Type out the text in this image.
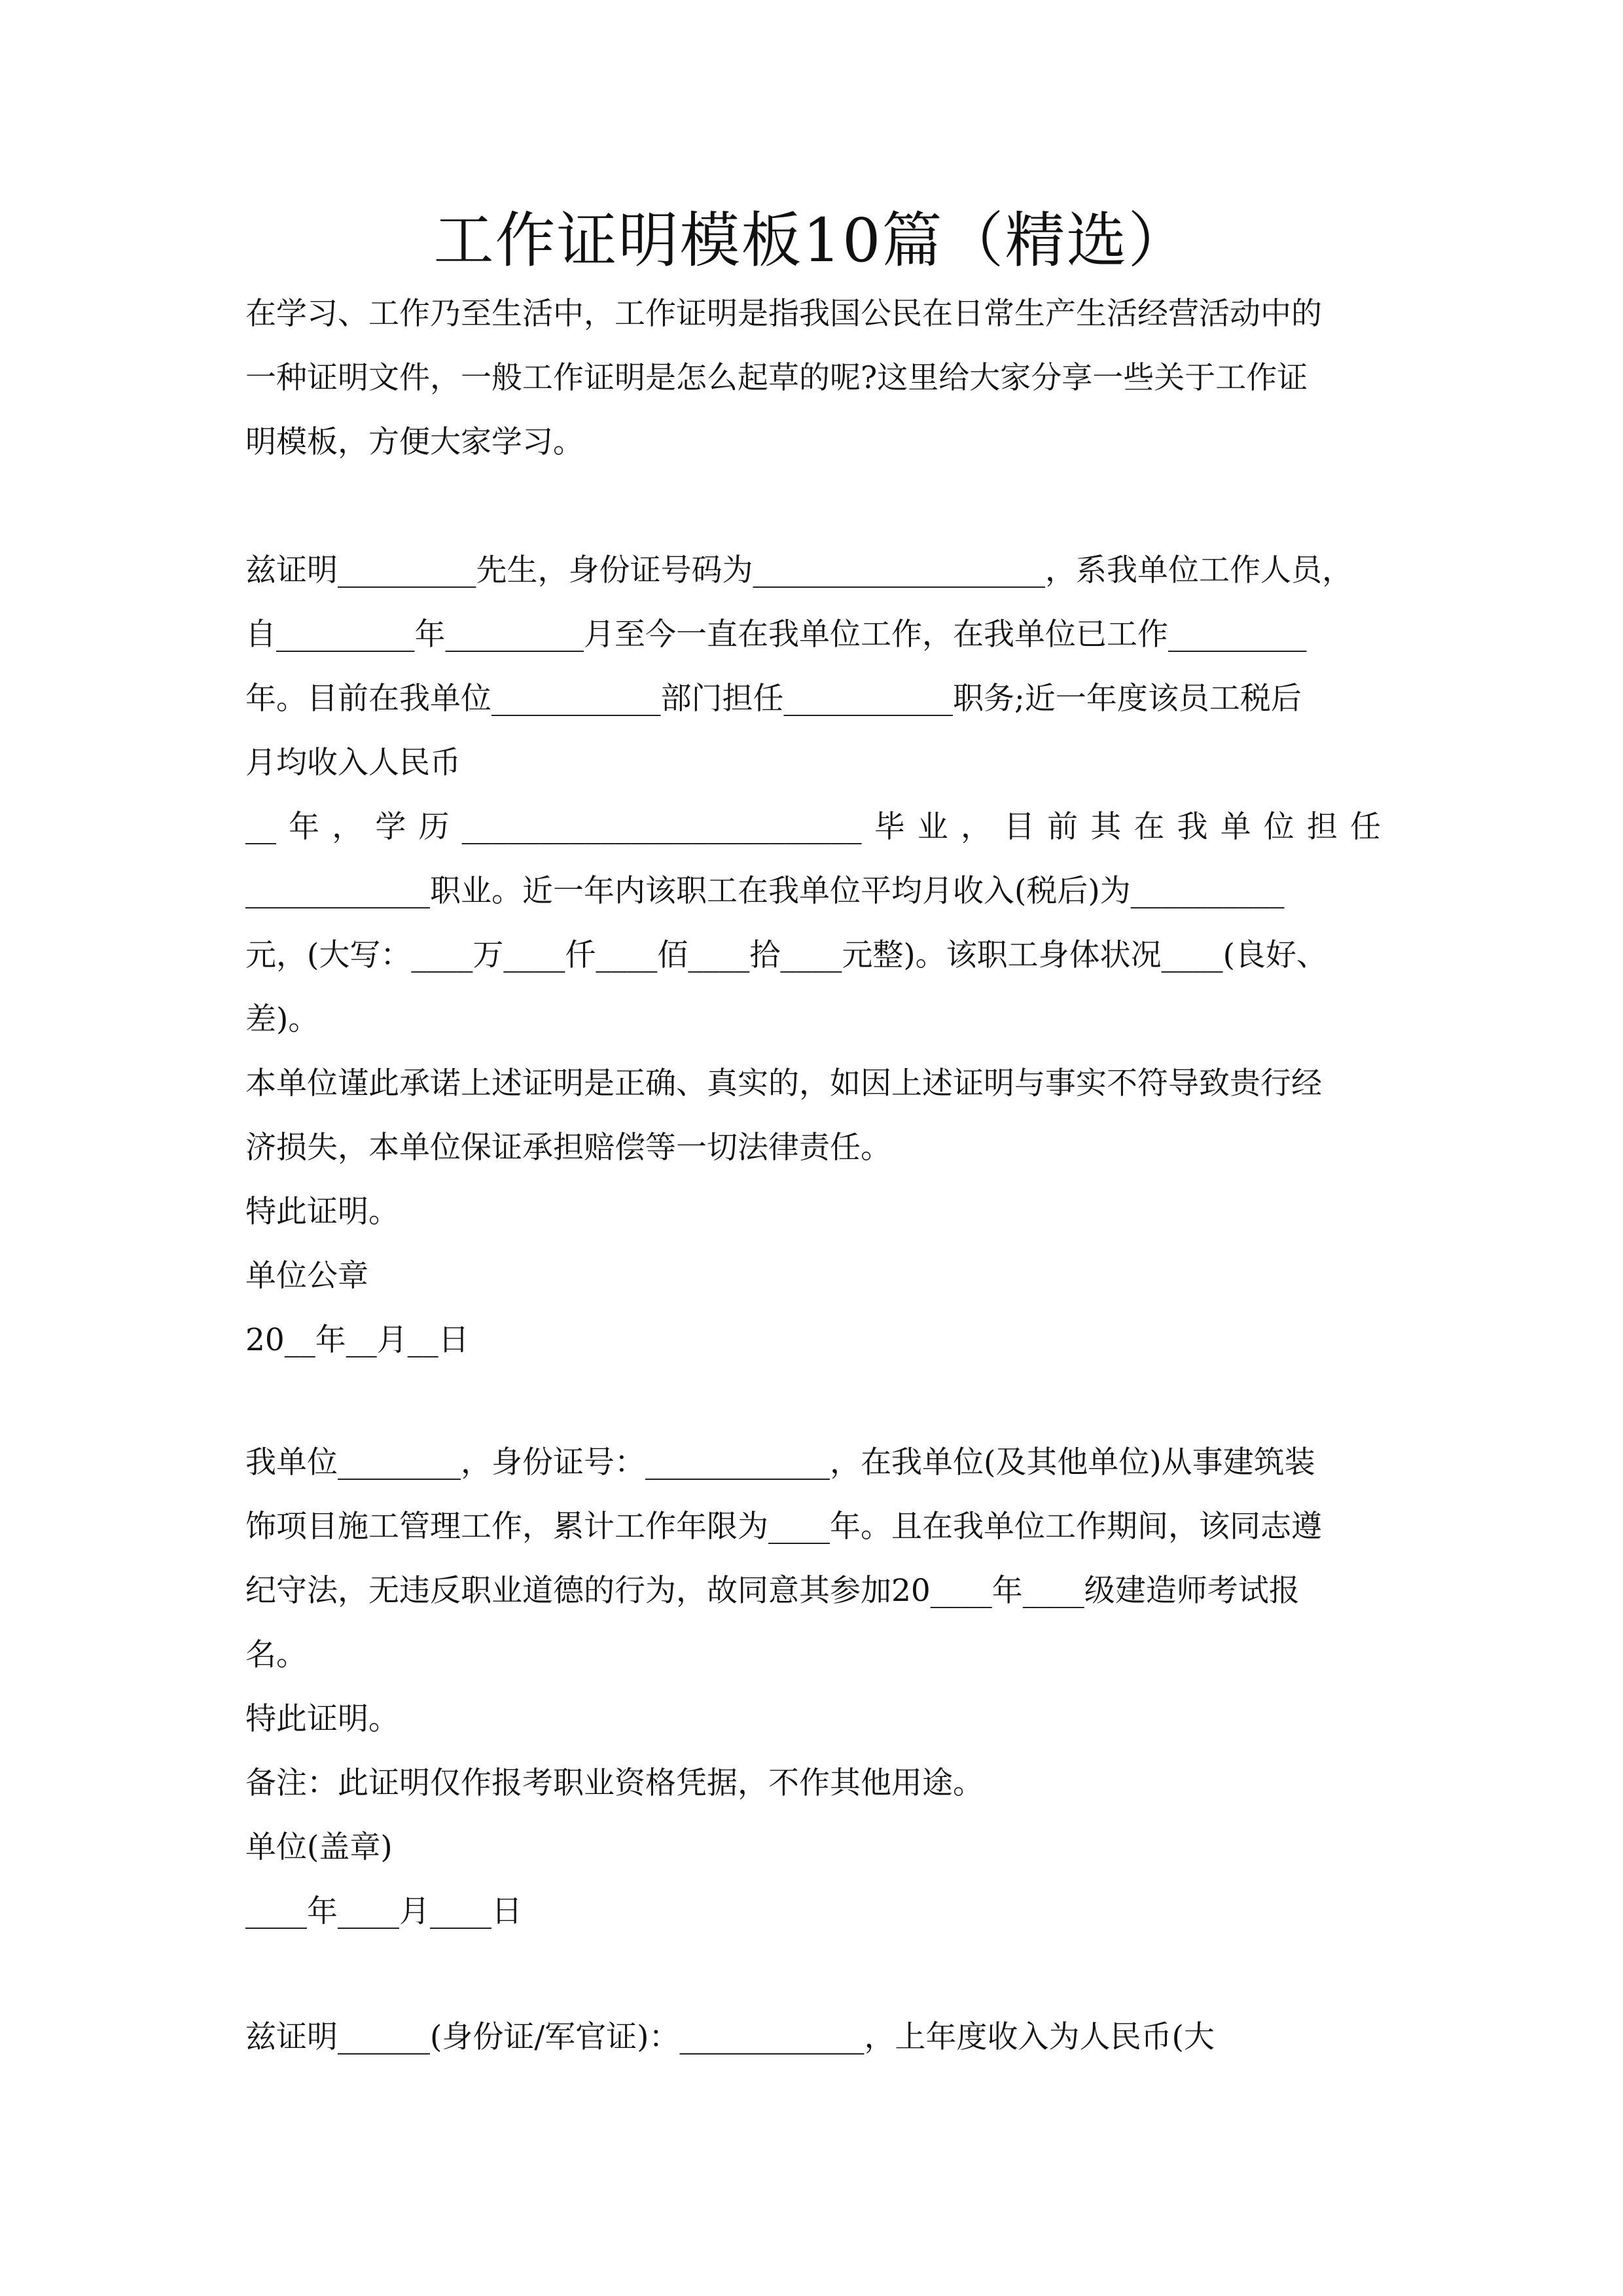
工作证明模板10篇（精选）
在学习、工作乃至生活中，工作证明是指我国公民在日常生产生活经营活动中的
一种证明文件，一般工作证明是怎么起草的呢?这里给大家分享一些关于工作证
明模板，方便大家学习。
兹证明_________先生，身份证号码为___________________，系我单位工作人员，
自_________年_________月至今一直在我单位工作，在我单位已工作_________
年。目前在我单位___________部门担任___________职务;近一年度该员工税后
月均收入人民币
__年，学历__________________________毕业，目前其在我单位担任
____________职业。近一年内该职工在我单位平均月收入(税后)为__________
元，(大写：____万____仟____佰____拾____元整)。该职工身体状况____(良好、
差)。
本单位谨此承诺上述证明是正确、真实的，如因上述证明与事实不符导致贵行经
济损失，本单位保证承担赔偿等一切法律责任。
特此证明。
单位公章
20__年__月__日
我单位________，身份证号：____________，在我单位(及其他单位)从事建筑装
饰项目施工管理工作，累计工作年限为____年。且在我单位工作期间，该同志遵
纪守法，无违反职业道德的行为，故同意其参加20____年____级建造师考试报
名。
特此证明。
备注：此证明仅作报考职业资格凭据，不作其他用途。
单位(盖章)
____年____月____日
兹证明______(身份证/军官证)：____________，上年度收入为人民币(大
